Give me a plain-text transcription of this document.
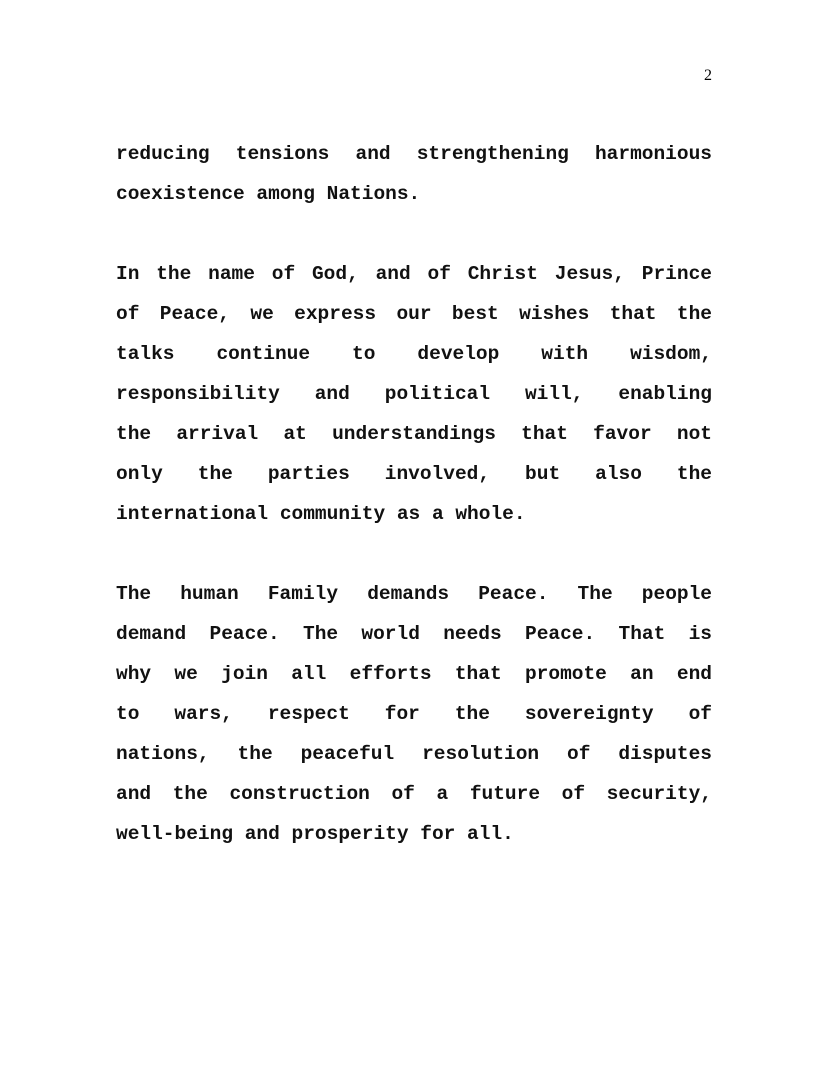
2
reducing tensions and strengthening harmonious
coexistence among Nations.
In the name of God, and of Christ Jesus, Prince
of Peace, we express our best wishes that the
talks continue to develop with wisdom,
responsibility and political will, enabling
the arrival at understandings that favor not
only the parties involved, but also the
international community as a whole.
The human Family demands Peace. The people
demand Peace. The world needs Peace. That is
why we join all efforts that promote an end
to wars, respect for the sovereignty of
nations, the peaceful resolution of disputes
and the construction of a future of security,
well-being and prosperity for all.
